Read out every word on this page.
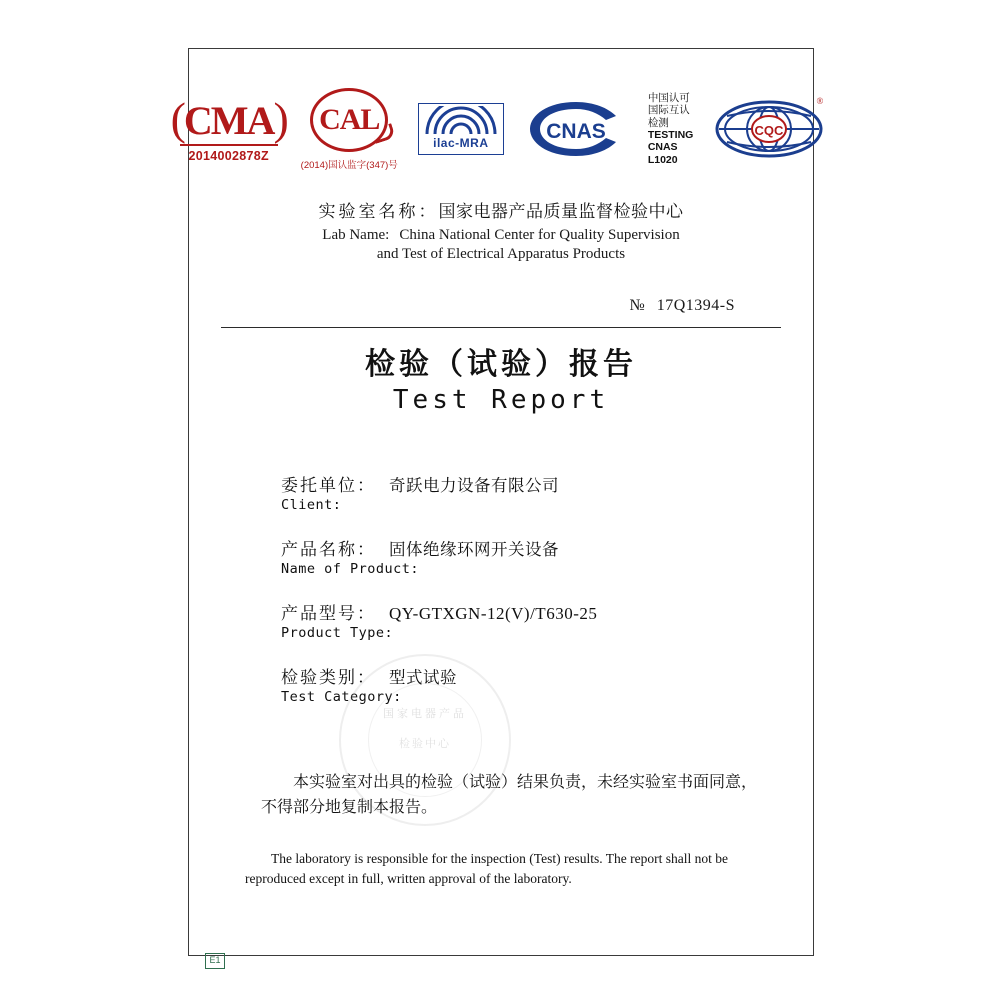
(CMA)
2014002878Z
CAL
(2014)国认监字(347)号
ilac-MRA	CNAS
中国认可
国际互认
检测
TESTING
CNAS L1020
CQC
®
实验室名称：国家电器产品质量监督检验中心
Lab Name: China National Center for Quality Supervision
and Test of Electrical Apparatus Products
№ 17Q1394-S
检验（试验）报告
Test Report
委托单位： 奇跃电力设备有限公司
Client:
产品名称： 固体绝缘环网开关设备
Name of Product:
产品型号： QY-GTXGN-12(V)/T630-25
Product Type:
检验类别： 型式试验
Test Category:
国家电器产品
检验中心
本实验室对出具的检验（试验）结果负责，未经实验室书面同意，不得部分地复制本报告。
The laboratory is responsible for the inspection (Test) results. The report shall not be reproduced except in full, written approval of the laboratory.
E1
